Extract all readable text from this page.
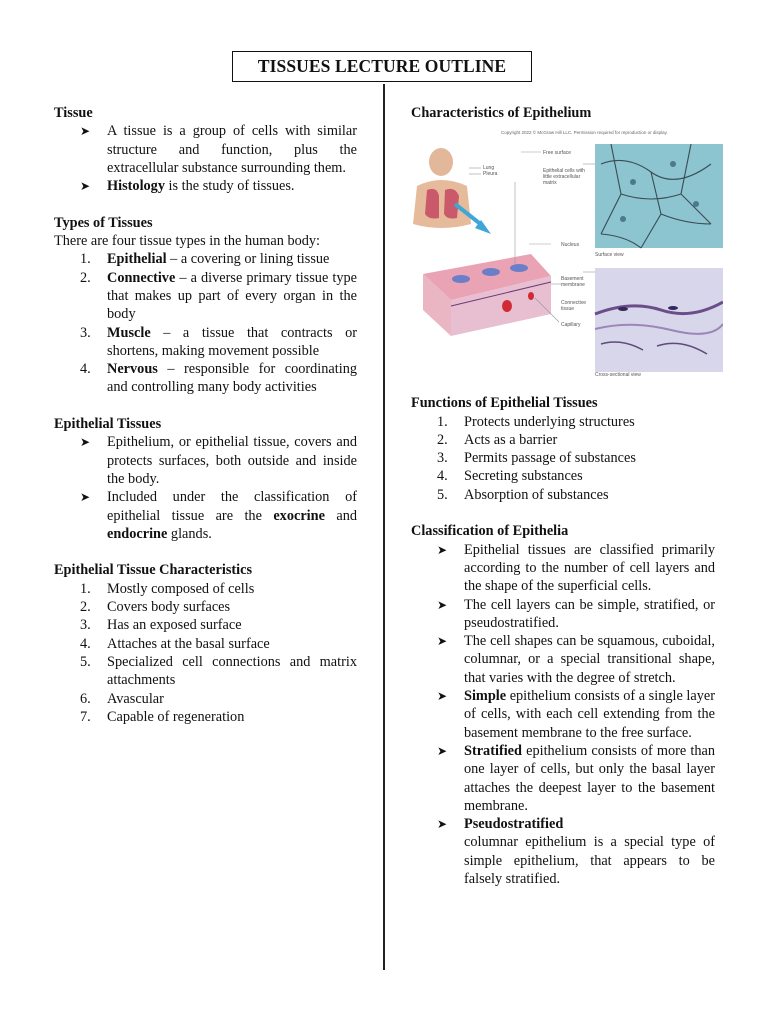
TISSUES LECTURE OUTLINE
Tissue
➤ A tissue is a group of cells with similar structure and function, plus the extracellular substance surrounding them.
➤ Histology is the study of tissues.
Types of Tissues

There are four tissue types in the human body:

1.	Epithelial – a covering or lining tissue
2.	Connective – a diverse primary tissue type that makes up part of every organ in the body
3.	Muscle – a tissue that contracts or shortens, making movement possible
4.	Nervous – responsible for coordinating and controlling many body activities
Epithelial Tissues
➤ Epithelium, or epithelial tissue, covers and protects surfaces, both outside and inside the body.
➤ Included under the classification of epithelial tissue are the exocrine and endocrine glands.
Epithelial Tissue Characteristics
1.	Mostly composed of cells
2.	Covers body surfaces
3.	Has an exposed surface
4.	Attaches at the basal surface
5.	Specialized cell connections and matrix attachments
6.	Avascular
7.	Capable of regeneration
Characteristics of Epithelium
Copyright 2022 © McGraw Hill LLC. Permission required for reproduction or display.
Lung
Pleura
Surface view
Cross-sectional view
Free surface
Epithelial cells with
little extracellular
matrix
Nucleus
Basement
membrane
Connective
tissue
Capillary
Functions of Epithelial Tissues
1.	Protects underlying structures
2.	Acts as a barrier
3.	Permits passage of substances
4.	Secreting substances
5.	Absorption of substances
Classification of Epithelia
➤ Epithelial tissues are classified primarily according to the number of cell layers and the shape of the superficial cells.
➤ The cell layers can be simple, stratified, or pseudostratified.
➤ The cell shapes can be squamous, cuboidal, columnar, or a special transitional shape, that varies with the degree of stretch.
➤ Simple epithelium consists of a single layer of cells, with each cell extending from the basement membrane to the free surface.
➤ Stratified epithelium consists of more than one layer of cells, but only the basal layer attaches the deepest layer to the basement membrane.
➤ Pseudostratified
columnar epithelium is a special type of simple epithelium, that appears to be falsely stratified.
